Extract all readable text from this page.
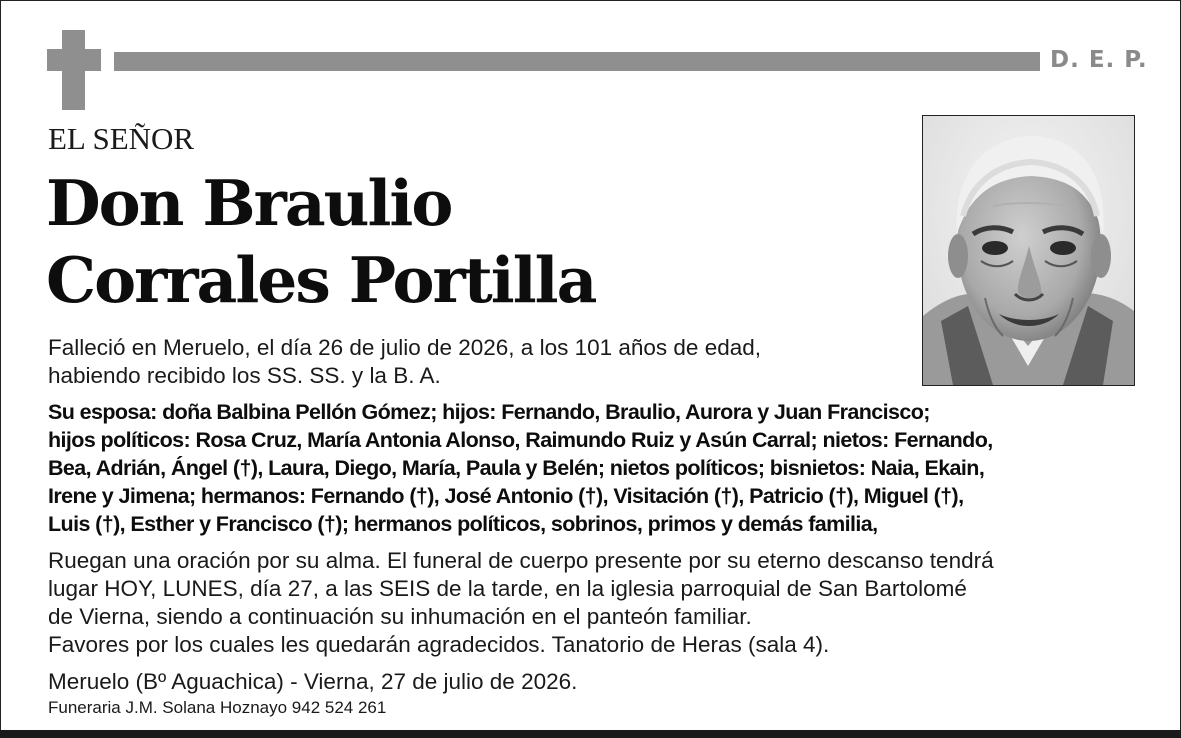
D. E. P.
EL SEÑOR
Don Braulio
Corrales Portilla
Falleció en Meruelo, el día 26 de julio de 2026, a los 101 años de edad,
habiendo recibido los SS. SS. y la B. A.
Su esposa: doña Balbina Pellón Gómez; hijos: Fernando, Braulio, Aurora y Juan Francisco;
hijos políticos: Rosa Cruz, María Antonia Alonso, Raimundo Ruiz y Asún Carral; nietos: Fernando,
Bea, Adrián, Ángel (†), Laura, Diego, María, Paula y Belén; nietos políticos; bisnietos: Naia, Ekain,
Irene y Jimena; hermanos: Fernando (†), José Antonio (†), Visitación (†), Patricio (†), Miguel (†),
Luis (†), Esther y Francisco (†); hermanos políticos, sobrinos, primos y demás familia,
Ruegan una oración por su alma. El funeral de cuerpo presente por su eterno descanso tendrá
lugar HOY, LUNES, día 27, a las SEIS de la tarde, en la iglesia parroquial de San Bartolomé
de Vierna, siendo a continuación su inhumación en el panteón familiar.
Favores por los cuales les quedarán agradecidos. Tanatorio de Heras (sala 4).
Meruelo (Bº Aguachica) - Vierna, 27 de julio de 2026.
Funeraria J.M. Solana Hoznayo 942 524 261
